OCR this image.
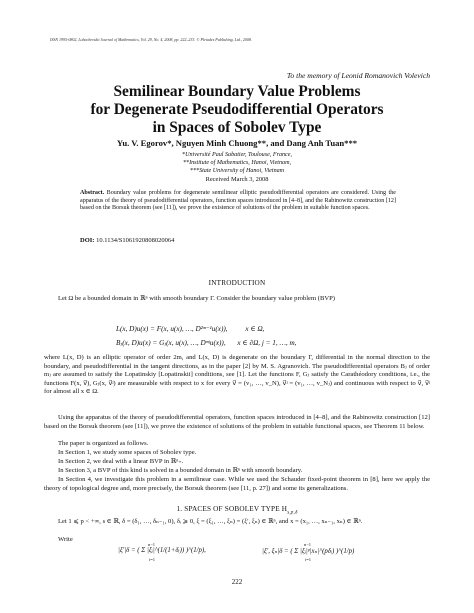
ISSN 1995-0802, Lobachevskii Journal of Mathematics, Vol. 29, No. 4, 2008, pp. 222–233. © Pleiades Publishing, Ltd., 2008.
To the memory of Leonid Romanovich Volevich
Semilinear Boundary Value Problems
for Degenerate Pseudodifferential Operators
in Spaces of Sobolev Type
Yu. V. Egorov*, Nguyen Minh Chuong**, and Dang Anh Tuan***
*Université Paul Sabatier, Toulouse, France,
**Institute of Mathematics, Hanoi, Vietnam,
***State University of Hanoi, Vietnam
Received March 3, 2008
Abstract. Boundary value problems for degenerate semilinear elliptic pseudodifferential operators are considered. Using the apparatus of the theory of pseudodifferential operators, function spaces introduced in [4–8], and the Rabinowitz construction [12] based on the Borsuk theorem (see [11]), we prove the existence of solutions of the problem in suitable function spaces.
DOI: 10.1134/S1061920808020064
INTRODUCTION
Let Ω be a bounded domain in ℝⁿ with smooth boundary Γ. Consider the boundary value problem (BVP)
L(x, D)u(x) = F(x, u(x), …, D²ᵐ⁻¹u(x)), x ∈ Ω,
Bⱼ(x, D)u(x) = Gⱼ(x, u(x), …, Dᵐʲu(x)), x ∈ ∂Ω, j = 1, …, m,
where L(x, D) is an elliptic operator of order 2m, and L(x, D) is degenerate on the boundary Γ, differential in the normal direction to the boundary, and pseudodifferential in the tangent directions, as in the paper [2] by M. S. Agranovich. The pseudodifferential operators Bⱼ of order mⱼ are assumed to satisfy the Lopatinskiy [Lopatinskii] conditions, see [1]. Let the functions F, Gⱼ satisfy the Carathéodory conditions, i.e., the functions F(x, v⃗), Gⱼ(x, v⃗ʲ) are measurable with respect to x for every v⃗ = (v₁, …, v_N), v⃗ʲ = (v₁, …, v_Nⱼ) and continuous with respect to v⃗, v⃗ʲ for almost all x ∈ Ω.
Using the apparatus of the theory of pseudodifferential operators, function spaces introduced in [4–8], and the Rabinowitz construction [12] based on the Borsuk theorem (see [11]), we prove the existence of solutions of the problem in suitable functional spaces, see Theorem 11 below.
The paper is organized as follows.
In Section 1, we study some spaces of Sobolev type.
In Section 2, we deal with a linear BVP in ℝⁿ₊.
In Section 3, a BVP of this kind is solved in a bounded domain in ℝⁿ with smooth boundary.
In Section 4, we investigate this problem in a semilinear case. While we used the Schauder fixed-point theorem in [8], here we apply the theory of topological degree and, more precisely, the Borsuk theorem (see [11, p. 27]) and some its generalizations.
1. SPACES OF SOBOLEV TYPE $H_{s,p,\delta}$
Let 1 ⩽ p < +∞, s ∈ ℝ, δ = (δ₁, …, δₙ₋₁, 0), δᵢ ⩾ 0, ξ = (ξ₁, …, ξₙ) = (ξ′, ξₙ) ∈ ℝⁿ, and x = (x₁, …, xₙ₋₁, xₙ) ∈ ℝⁿ.
Write
n−1
|ξ′|δ = ( Σ |ξᵢ|^(1/(1+δᵢ)) )^(1/p),
i=1
n−1
|ξ′, ξₙ|δ = ( Σ |ξᵢ|ᵖ|xₙ|^(pδᵢ) )^(1/p)
i=1
222
